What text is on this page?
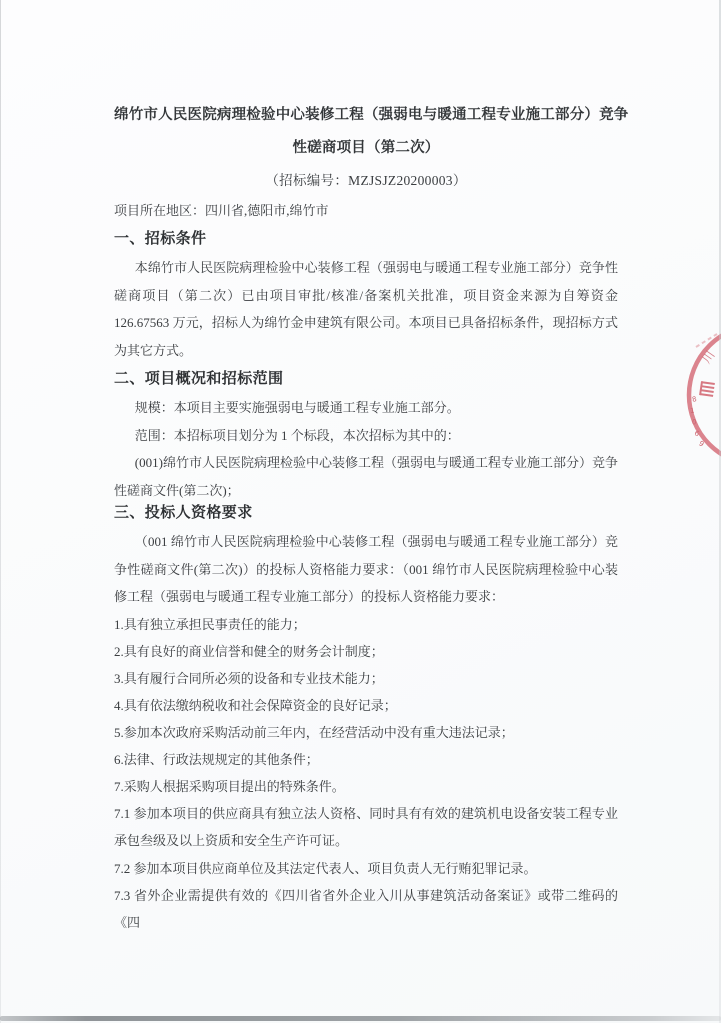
绵竹市人民医院病理检验中心装修工程（强弱电与暖通工程专业施工部分）竞争
性磋商项目（第二次）
（招标编号：MZJSJZ20200003）

项目所在地区：四川省,德阳市,绵竹市

一、招标条件

本绵竹市人民医院病理检验中心装修工程（强弱电与暖通工程专业施工部分）竞争性磋商项目（第二次）已由项目审批/核准/备案机关批准，项目资金来源为自筹资金 126.67563 万元，招标人为绵竹金申建筑有限公司。本项目已具备招标条件，现招标方式为其它方式。

二、项目概况和招标范围

规模：本项目主要实施强弱电与暖通工程专业施工部分。

范围：本招标项目划分为 1 个标段，本次招标为其中的：

(001)绵竹市人民医院病理检验中心装修工程（强弱电与暖通工程专业施工部分）竞争性磋商文件(第二次)；

三、投标人资格要求

（001 绵竹市人民医院病理检验中心装修工程（强弱电与暖通工程专业施工部分）竞争性磋商文件(第二次)）的投标人资格能力要求：（001 绵竹市人民医院病理检验中心装修工程（强弱电与暖通工程专业施工部分）的投标人资格能力要求：

1.具有独立承担民事责任的能力；

2.具有良好的商业信誉和健全的财务会计制度；

3.具有履行合同所必须的设备和专业技术能力；

4.具有依法缴纳税收和社会保障资金的良好记录；

5.参加本次政府采购活动前三年内，在经营活动中没有重大违法记录；

6.法律、行政法规规定的其他条件；

7.采购人根据采购项目提出的特殊条件。

7.1 参加本项目的供应商具有独立法人资格、同时具有有效的建筑机电设备安装工程专业承包叁级及以上资质和安全生产许可证。

7.2 参加本项目供应商单位及其法定代表人、项目负责人无行贿犯罪记录。

7.3 省外企业需提供有效的《四川省省外企业入川从事建筑活动备案证》或带二维码的《四

川
8
1
0
6
9
